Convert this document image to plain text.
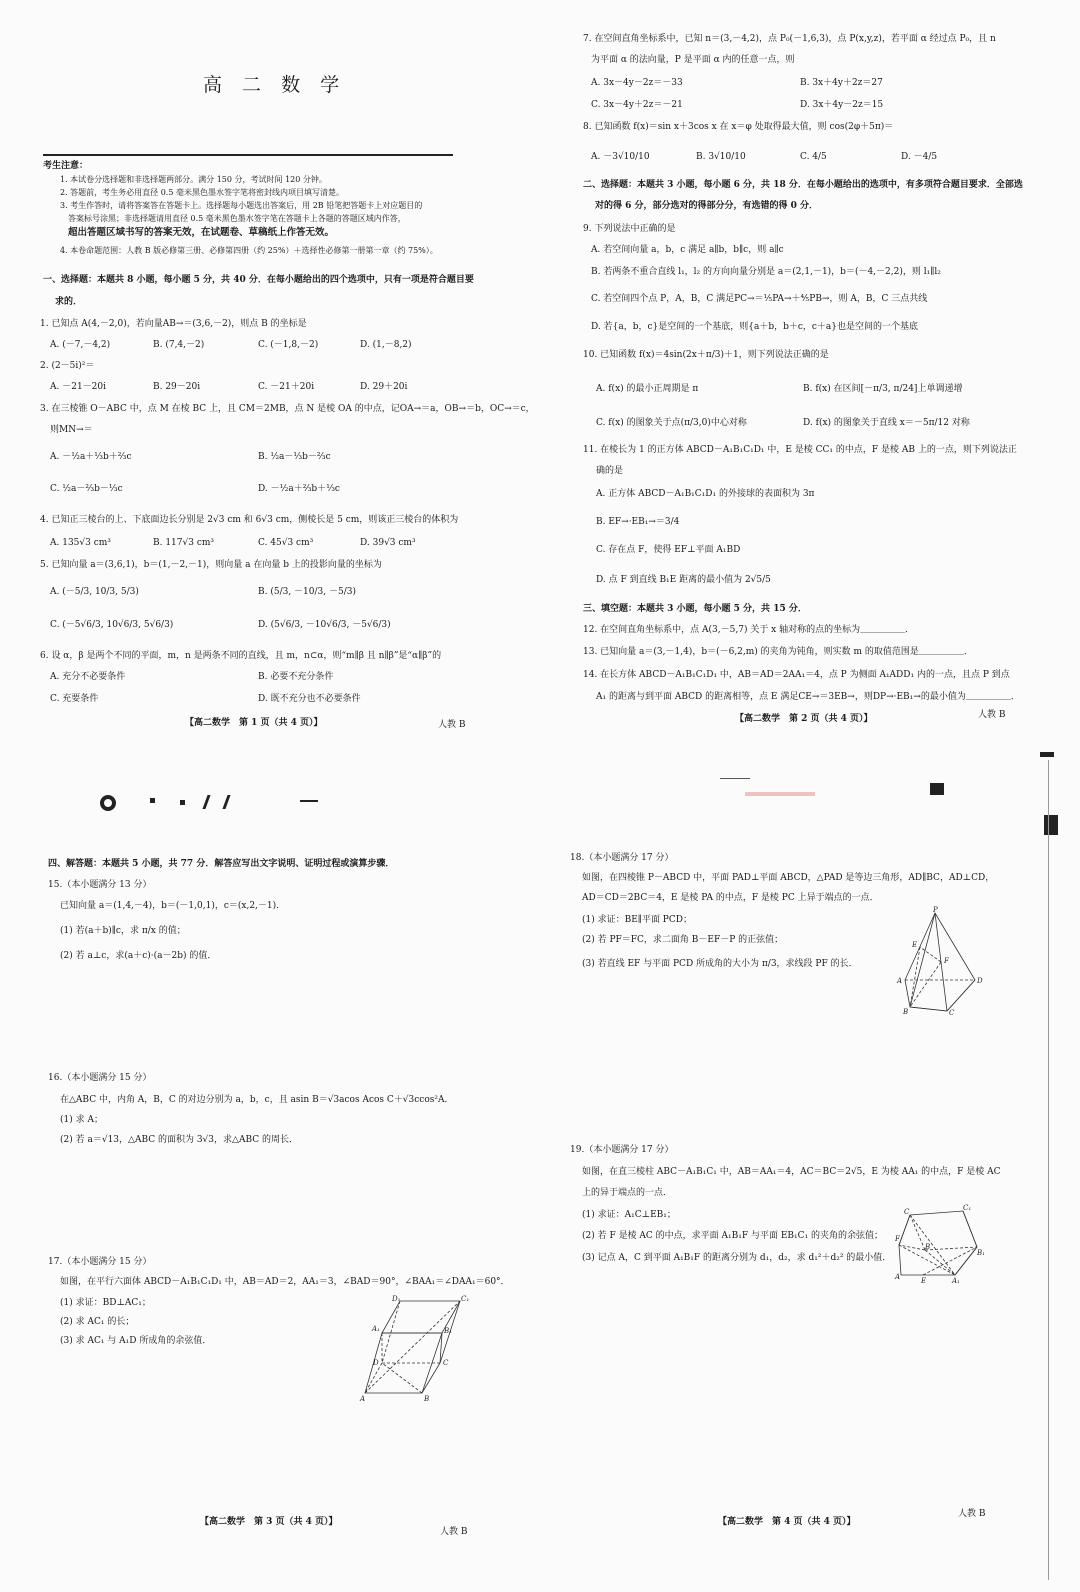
高 二 数 学
考生注意：
1. 本试卷分选择题和非选择题两部分。满分 150 分，考试时间 120 分钟。
2. 答题前，考生务必用直径 0.5 毫米黑色墨水签字笔将密封线内项目填写清楚。
3. 考生作答时，请将答案答在答题卡上。选择题每小题选出答案后，用 2B 铅笔把答题卡上对应题目的
答案标号涂黑；非选择题请用直径 0.5 毫米黑色墨水签字笔在答题卡上各题的答题区域内作答，
超出答题区域书写的答案无效，在试题卷、草稿纸上作答无效。
4. 本卷命题范围：人教 B 版必修第三册、必修第四册（约 25%）＋选择性必修第一册第一章（约 75%）。
一、选择题：本题共 8 小题，每小题 5 分，共 40 分．在每小题给出的四个选项中，只有一项是符合题目要
求的．
1. 已知点 A(4,－2,0)，若向量AB→＝(3,6,－2)，则点 B 的坐标是
A. (－7,－4,2)	B. (7,4,－2)	C. (－1,8,－2)	D. (1,－8,2)
2. (2－5i)²＝
A. －21－20i	B. 29－20i	C. －21＋20i	D. 29＋20i
3. 在三棱锥 O－ABC 中，点 M 在棱 BC 上，且 CM＝2MB，点 N 是棱 OA 的中点，记OA→＝a，OB→＝b，OC→＝c，
则MN→＝
A. －½a＋⅓b＋⅔c	B. ½a－⅓b－⅔c
C. ½a－⅔b－⅓c	D. －½a＋⅔b＋⅓c
4. 已知正三棱台的上、下底面边长分别是 2√3 cm 和 6√3 cm，侧棱长是 5 cm，则该正三棱台的体积为
A. 135√3 cm³	B. 117√3 cm³	C. 45√3 cm³	D. 39√3 cm³
5. 已知向量 a＝(3,6,1)，b＝(1,－2,－1)，则向量 a 在向量 b 上的投影向量的坐标为
A. (－5/3, 10/3, 5/3)	B. (5/3, －10/3, －5/3)
C. (－5√6/3, 10√6/3, 5√6/3)	D. (5√6/3, －10√6/3, －5√6/3)
6. 设 α，β 是两个不同的平面，m，n 是两条不同的直线，且 m，n⊂α，则“m∥β 且 n∥β”是“α∥β”的
A. 充分不必要条件	B. 必要不充分条件
C. 充要条件	D. 既不充分也不必要条件
【高二数学　第 1 页（共 4 页）】	人教 B
7. 在空间直角坐标系中，已知 n＝(3,－4,2)，点 P₀(－1,6,3)，点 P(x,y,z)，若平面 α 经过点 P₀，且 n
为平面 α 的法向量，P 是平面 α 内的任意一点，则
A. 3x－4y－2z＝－33	B. 3x＋4y＋2z＝27
C. 3x－4y＋2z＝－21	D. 3x＋4y－2z＝15
8. 已知函数 f(x)＝sin x＋3cos x 在 x＝φ 处取得最大值，则 cos(2φ＋5π)＝
A. －3√10/10	B. 3√10/10	C. 4/5	D. －4/5
二、选择题：本题共 3 小题，每小题 6 分，共 18 分．在每小题给出的选项中，有多项符合题目要求．全部选
对的得 6 分，部分选对的得部分分，有选错的得 0 分．
9. 下列说法中正确的是
A. 若空间向量 a，b，c 满足 a∥b，b∥c，则 a∥c
B. 若两条不重合直线 l₁，l₂ 的方向向量分别是 a＝(2,1,－1)，b＝(－4,－2,2)，则 l₁∥l₂
C. 若空间四个点 P，A，B，C 满足PC→＝⅕PA→＋⅘PB→，则 A，B，C 三点共线
D. 若{a，b，c}是空间的一个基底，则{a＋b，b＋c，c＋a}也是空间的一个基底
10. 已知函数 f(x)＝4sin(2x＋π/3)＋1，则下列说法正确的是
A. f(x) 的最小正周期是 π	B. f(x) 在区间[－π/3, π/24]上单调递增
C. f(x) 的图象关于点(π/3,0)中心对称	D. f(x) 的图象关于直线 x＝－5π/12 对称
11. 在棱长为 1 的正方体 ABCD－A₁B₁C₁D₁ 中，E 是棱 CC₁ 的中点，F 是棱 AB 上的一点，则下列说法正
确的是
A. 正方体 ABCD－A₁B₁C₁D₁ 的外接球的表面积为 3π
B. EF→·EB₁→＝3/4
C. 存在点 F，使得 EF⊥平面 A₁BD
D. 点 F 到直线 B₁E 距离的最小值为 2√5/5
三、填空题：本题共 3 小题，每小题 5 分，共 15 分．
12. 在空间直角坐标系中，点 A(3,－5,7) 关于 x 轴对称的点的坐标为＿＿＿＿＿．
13. 已知向量 a＝(3,－1,4)，b＝(－6,2,m) 的夹角为钝角，则实数 m 的取值范围是＿＿＿＿＿．
14. 在长方体 ABCD－A₁B₁C₁D₁ 中，AB＝AD＝2AA₁＝4，点 P 为侧面 A₁ADD₁ 内的一点，且点 P 到点
A₁ 的距离与到平面 ABCD 的距离相等，点 E 满足CE→＝3EB→，则DP→·EB₁→的最小值为＿＿＿＿＿．
【高二数学　第 2 页（共 4 页）】	人教 B
四、解答题：本题共 5 小题，共 77 分．解答应写出文字说明、证明过程或演算步骤．
15.（本小题满分 13 分）
已知向量 a＝(1,4,－4)，b＝(－1,0,1)，c＝(x,2,－1)．
(1) 若(a＋b)∥c，求 π/x 的值；
(2) 若 a⊥c，求(a＋c)·(a－2b) 的值．
16.（本小题满分 15 分）
在△ABC 中，内角 A，B，C 的对边分别为 a，b，c，且 asin B＝√3acos Acos C＋√3ccos²A．
(1) 求 A；
(2) 若 a＝√13，△ABC 的面积为 3√3，求△ABC 的周长．
17.（本小题满分 15 分）
如图，在平行六面体 ABCD－A₁B₁C₁D₁ 中，AB＝AD＝2，AA₁＝3，∠BAD＝90°，∠BAA₁＝∠DAA₁＝60°．
(1) 求证：BD⊥AC₁；
(2) 求 AC₁ 的长；
(3) 求 AC₁ 与 A₁D 所成角的余弦值．
D₁	C₁
A₁	B₁
D	C
A	B
【高二数学　第 3 页（共 4 页）】
人教 B
18.（本小题满分 17 分）
如图，在四棱锥 P－ABCD 中，平面 PAD⊥平面 ABCD，△PAD 是等边三角形，AD∥BC，AD⊥CD，
AD＝CD＝2BC＝4，E 是棱 PA 的中点，F 是棱 PC 上异于端点的一点．
(1) 求证：BE∥平面 PCD；
(2) 若 PF＝FC，求二面角 B－EF－P 的正弦值；
(3) 若直线 EF 与平面 PCD 所成角的大小为 π/3，求线段 PF 的长．
P
E
F
A
B	C
D
19.（本小题满分 17 分）
如图，在直三棱柱 ABC－A₁B₁C₁ 中，AB＝AA₁＝4，AC＝BC＝2√5，E 为棱 AA₁ 的中点，F 是棱 AC
上的异于端点的一点．
(1) 求证：A₁C⊥EB₁；
(2) 若 F 是棱 AC 的中点，求平面 A₁B₁F 与平面 EB₁C₁ 的夹角的余弦值；
(3) 记点 A，C 到平面 A₁B₁F 的距离分别为 d₁，d₂，求 d₁²＋d₂² 的最小值．
C	C₁
F
B
B₁
A	E	A₁
【高二数学　第 4 页（共 4 页）】
人教 B
